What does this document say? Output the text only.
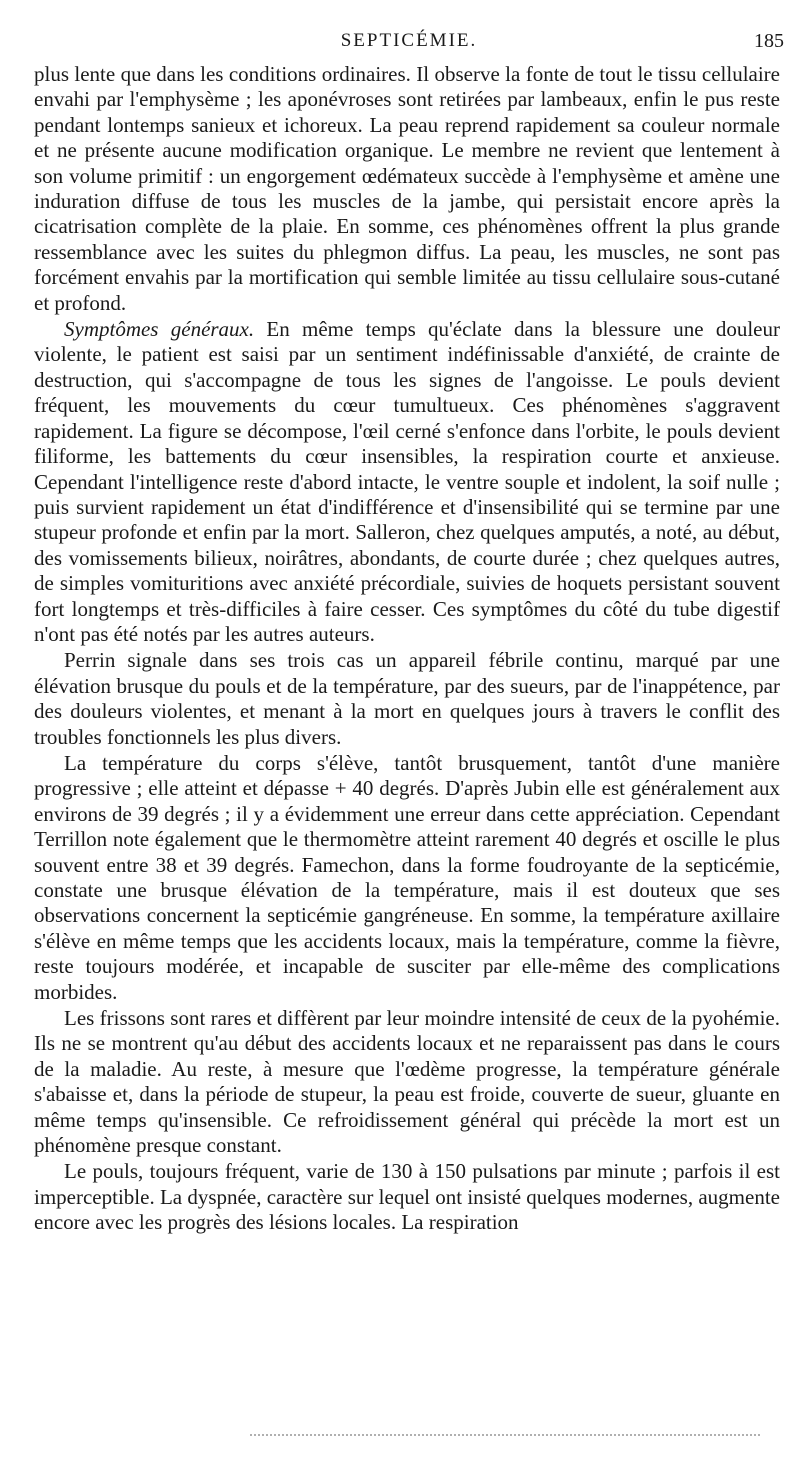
SEPTICÉMIE.	185

plus lente que dans les conditions ordinaires. Il observe la fonte de tout le tissu cellulaire envahi par l'emphysème ; les aponévroses sont retirées par lambeaux, enfin le pus reste pendant lontemps sanieux et ichoreux. La peau reprend rapidement sa couleur normale et ne présente aucune modification organique. Le membre ne revient que lentement à son volume primitif : un engorgement œdémateux succède à l'emphysème et amène une induration diffuse de tous les muscles de la jambe, qui persistait encore après la cicatrisation complète de la plaie. En somme, ces phénomènes offrent la plus grande ressemblance avec les suites du phlegmon diffus. La peau, les muscles, ne sont pas forcément envahis par la mortification qui semble limitée au tissu cellulaire sous-cutané et profond.

Symptômes généraux. En même temps qu'éclate dans la blessure une douleur violente, le patient est saisi par un sentiment indéfinissable d'anxiété, de crainte de destruction, qui s'accompagne de tous les signes de l'angoisse. Le pouls devient fréquent, les mouvements du cœur tumultueux. Ces phénomènes s'aggravent rapidement. La figure se décompose, l'œil cerné s'enfonce dans l'orbite, le pouls devient filiforme, les battements du cœur insensibles, la respiration courte et anxieuse. Cependant l'intelligence reste d'abord intacte, le ventre souple et indolent, la soif nulle ; puis survient rapidement un état d'indifférence et d'insensibilité qui se termine par une stupeur profonde et enfin par la mort. Salleron, chez quelques amputés, a noté, au début, des vomissements bilieux, noirâtres, abondants, de courte durée ; chez quelques autres, de simples vomituritions avec anxiété précordiale, suivies de hoquets persistant souvent fort longtemps et très-difficiles à faire cesser. Ces symptômes du côté du tube digestif n'ont pas été notés par les autres auteurs.

Perrin signale dans ses trois cas un appareil fébrile continu, marqué par une élévation brusque du pouls et de la température, par des sueurs, par de l'inappétence, par des douleurs violentes, et menant à la mort en quelques jours à travers le conflit des troubles fonctionnels les plus divers.

La température du corps s'élève, tantôt brusquement, tantôt d'une manière progressive ; elle atteint et dépasse + 40 degrés. D'après Jubin elle est généralement aux environs de 39 degrés ; il y a évidemment une erreur dans cette appréciation. Cependant Terrillon note également que le thermomètre atteint rarement 40 degrés et oscille le plus souvent entre 38 et 39 degrés. Famechon, dans la forme foudroyante de la septicémie, constate une brusque élévation de la température, mais il est douteux que ses observations concernent la septicémie gangréneuse. En somme, la température axillaire s'élève en même temps que les accidents locaux, mais la température, comme la fièvre, reste toujours modérée, et incapable de susciter par elle-même des complications morbides.

Les frissons sont rares et diffèrent par leur moindre intensité de ceux de la pyohémie. Ils ne se montrent qu'au début des accidents locaux et ne reparaissent pas dans le cours de la maladie. Au reste, à mesure que l'œdème progresse, la température générale s'abaisse et, dans la période de stupeur, la peau est froide, couverte de sueur, gluante en même temps qu'insensible. Ce refroidissement général qui précède la mort est un phénomène presque constant.

Le pouls, toujours fréquent, varie de 130 à 150 pulsations par minute ; parfois il est imperceptible. La dyspnée, caractère sur lequel ont insisté quelques modernes, augmente encore avec les progrès des lésions locales. La respiration
